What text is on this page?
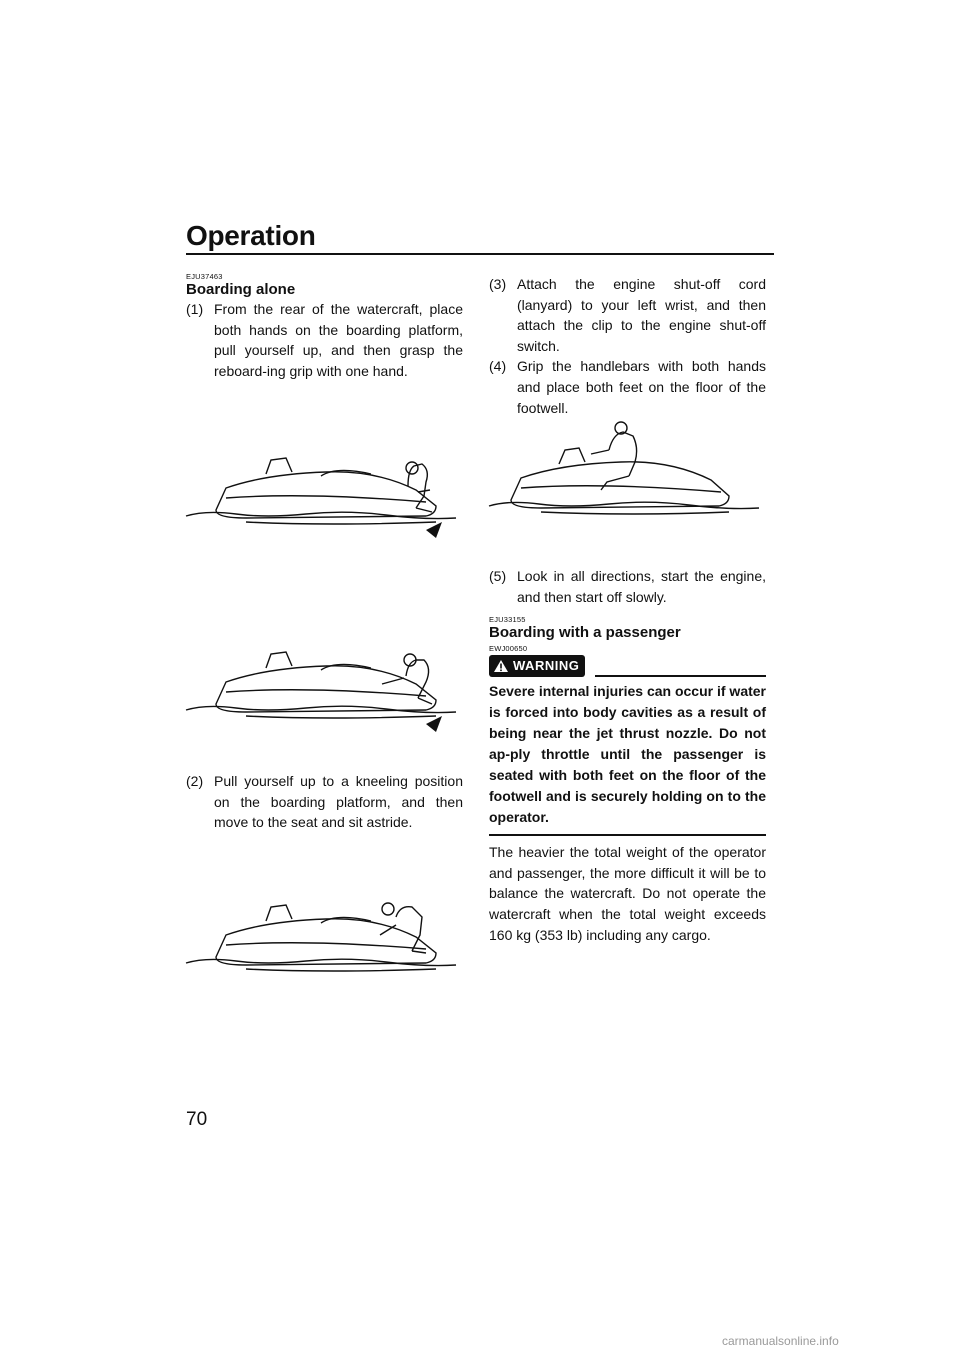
Operation
EJU37463
Boarding alone
(1) From the rear of the watercraft, place both hands on the boarding platform, pull yourself up, and then grasp the reboard-ing grip with one hand.
(2) Pull yourself up to a kneeling position on the boarding platform, and then move to the seat and sit astride.
(3) Attach the engine shut-off cord (lanyard) to your left wrist, and then attach the clip to the engine shut-off switch.
(4) Grip the handlebars with both hands and place both feet on the floor of the footwell.
(5) Look in all directions, start the engine, and then start off slowly.
EJU33155
Boarding with a passenger
EWJ00650
WARNING
Severe internal injuries can occur if water is forced into body cavities as a result of being near the jet thrust nozzle. Do not ap-ply throttle until the passenger is seated with both feet on the floor of the footwell and is securely holding on to the operator.

The heavier the total weight of the operator and passenger, the more difficult it will be to balance the watercraft. Do not operate the watercraft when the total weight exceeds 160 kg (353 lb) including any cargo.

70
carmanualsonline.info
